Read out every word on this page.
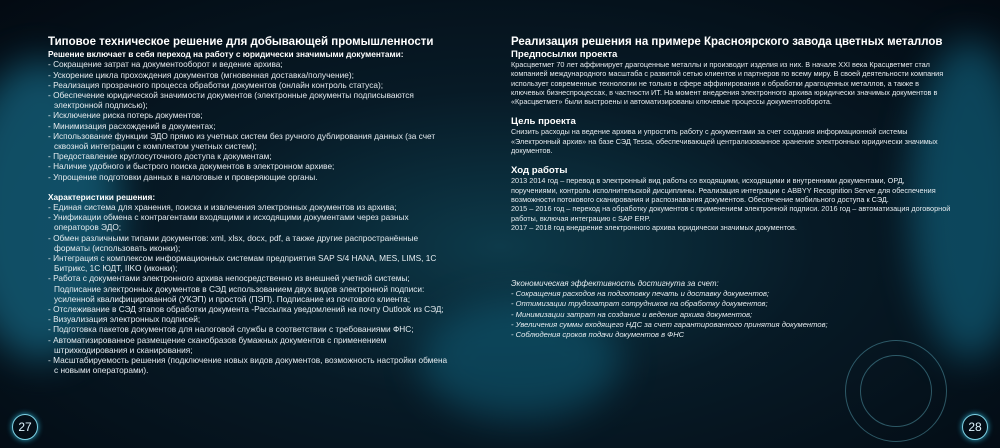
Типовое техническое решение для добывающей промышленности
Решение включает в себя переход на работу с юридически значимыми документами:
- Сокращение затрат на документооборот и ведение архива;
- Ускорение цикла прохождения документов (мгновенная доставка/получение);
- Реализация прозрачного процесса обработки документов (онлайн контроль статуса);
- Обеспечение юридической значимости документов (электронные документы подписываются
электронной подписью);
- Исключение риска потерь документов;
- Минимизация расхождений в документах;
- Использование функции ЭДО прямо из учетных систем без ручного дублирования данных (за счет
сквозной интеграции с комплектом учетных систем);
- Предоставление круглосуточного доступа к документам;
- Наличие удобного и быстрого поиска документов в электронном архиве;
- Упрощение подготовки данных в налоговые и проверяющие органы.
Характеристики решения:
- Единая система для хранения, поиска и извлечения электронных документов из архива;
- Унификации обмена с контрагентами входящими и исходящими документами через разных
операторов ЭДО;
- Обмен различными типами документов: xml, xlsx, docx, pdf, а также другие распространённые
форматы (использовать иконки);
- Интеграция с комплексом информационных системам предприятия SAP S/4 HANA, MES, LIMS, 1С
Битрикс, 1С ЮДТ, IIKO (иконки);
- Работа с документами электронного архива непосредственно из внешней учетной системы;
Подписание электронных документов в СЭД использованием двух видов электронной подписи:
усиленной квалифицированной (УКЭП) и простой (ПЭП). Подписание из почтового клиента;
- Отслеживание в СЭД этапов обработки документа -Рассылка уведомлений на почту Outlook из СЭД;
- Визуализация электронных подписей;
- Подготовка пакетов документов для налоговой службы в соответствии с требованиями ФНС;
- Автоматизированное размещение сканобразов бумажных документов с применением
штрихкодирования и сканирования;
- Масштабируемость решения (подключение новых видов документов, возможность настройки обмена
с новыми операторами).
Реализация решения на примере Красноярского завода цветных металлов
Предпосылки проекта

Красцветмет 70 лет аффинирует драгоценные металлы и производит изделия из них. В начале XXI века Красцветмет стал компанией международного масштаба с развитой сетью клиентов и партнеров по всему миру. В своей деятельности компания использует современные технологии не только в сфере аффинирования и обработки драгоценных металлов, а также в ключевых бизнеспроцессах, в частности ИТ. На момент внедрения электронного архива юридически значимых документов в «Красцветмет» были выстроены и автоматизированы ключевые процессы документооборота.

Цель проекта

Снизить расходы на ведение архива и упростить работу с документами за счет создания информационной системы «Электронный архив» на базе СЭД Tessa, обеспечивающей централизованное хранение электронных юридически значимых документов.

Ход работы

2013 2014 год – перевод в электронный вид работы со входящими, исходящими и внутренними документами, ОРД, поручениями, контроль исполнительской дисциплины. Реализация интеграции с ABBYY Recognition Server для обеспечения возможности потокового сканирования и распознавания документов. Обеспечение мобильного доступа к СЭД.

2015 – 2016 год – переход на обработку документов с применением электронной подписи. 2016 год – автоматизация договорной работы, включая интеграцию с SAP ERP.

2017 – 2018 год внедрение электронного архива юридически значимых документов.

Экономическая эффективность достигнута за счет:

- Сокращения расходов на подготовку печать и доставку документов;
- Оптимизации трудозатрат сотрудников на обработку документов;
- Минимизации затрат на создание и ведение архива документов;
- Увеличения суммы входящего НДС за счет гарантированного принятия документов;
- Соблюдения сроков подачи документов в ФНС
27	28
